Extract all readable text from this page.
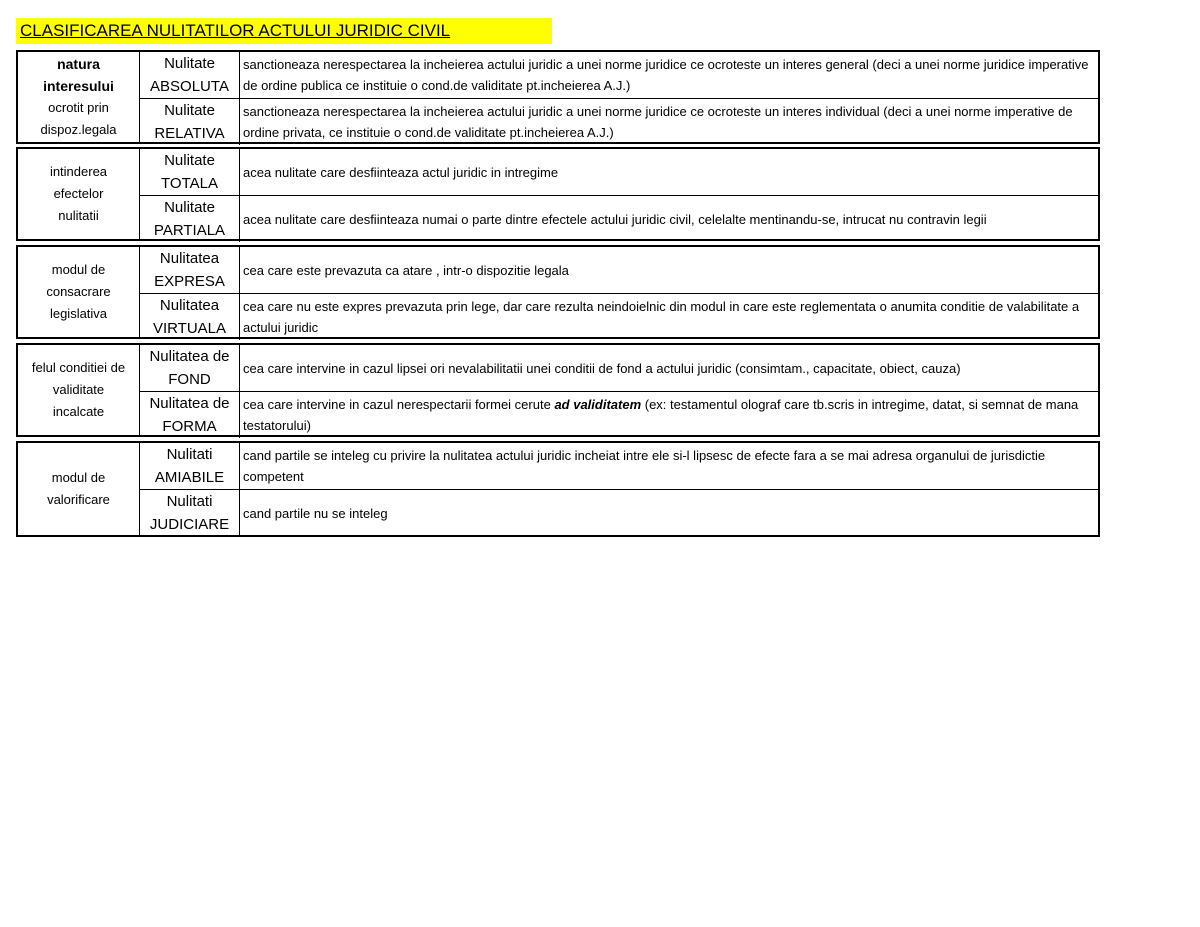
CLASIFICAREA NULITATILOR ACTULUI JURIDIC CIVIL
natura
interesului
ocrotit prin
dispoz.legala
Nulitate
ABSOLUTA
sanctioneaza nerespectarea la incheierea actului juridic a unei norme juridice ce ocroteste un interes general (deci a unei norme juridice imperative de ordine publica ce instituie o cond.de validitate pt.incheierea A.J.)
Nulitate
RELATIVA
sanctioneaza nerespectarea la incheierea actului juridic a unei norme juridice ce ocroteste un interes individual (deci a unei norme imperative de ordine privata, ce instituie o cond.de validitate pt.incheierea A.J.)
intinderea
efectelor
nulitatii
Nulitate
TOTALA
acea nulitate care desfiinteaza actul juridic in intregime
Nulitate
PARTIALA
acea nulitate care desfiinteaza numai o parte dintre efectele actului juridic civil, celelalte mentinandu-se, intrucat nu contravin legii
modul de
consacrare
legislativa
Nulitatea
EXPRESA
cea care este prevazuta ca atare , intr-o dispozitie legala
Nulitatea
VIRTUALA
cea care nu este expres prevazuta prin lege, dar care rezulta neindoielnic din modul in care este reglementata o anumita conditie de valabilitate a actului juridic
felul conditiei de
validitate
incalcate
Nulitatea de
FOND
cea care intervine in cazul lipsei ori nevalabilitatii unei conditii de fond a actului juridic (consimtam., capacitate, obiect, cauza)
Nulitatea de
FORMA
cea care intervine in cazul nerespectarii formei cerute ad validitatem (ex: testamentul olograf care tb.scris in intregime, datat, si semnat de mana testatorului)
modul de
valorificare
Nulitati
AMIABILE
cand partile se inteleg cu privire la nulitatea actului juridic incheiat intre ele si-l lipsesc de efecte fara a se mai adresa organului de jurisdictie competent
Nulitati
JUDICIARE
cand partile nu se inteleg
